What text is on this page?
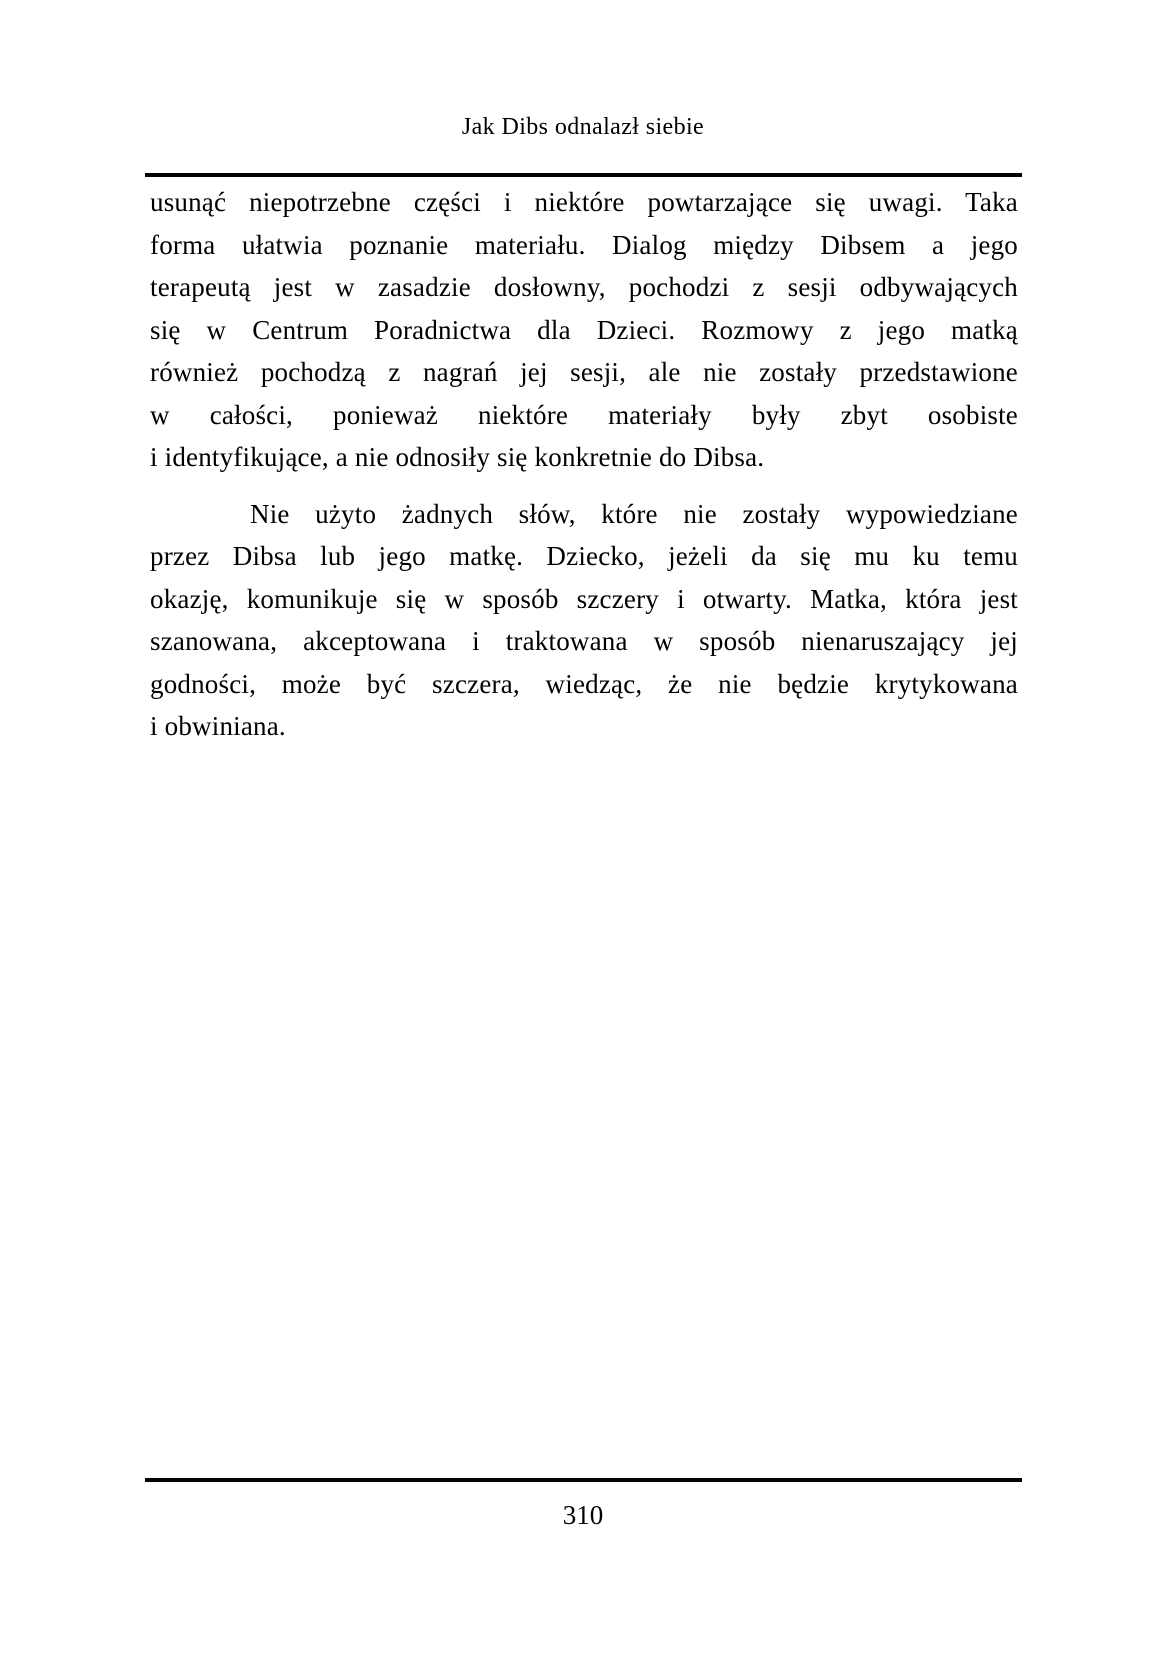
Jak Dibs odnalazł siebie
usunąć niepotrzebne części i niektóre powtarzające się uwagi. Taka
forma ułatwia poznanie materiału. Dialog między Dibsem a jego
terapeutą jest w zasadzie dosłowny, pochodzi z sesji odbywających
się w Centrum Poradnictwa dla Dzieci. Rozmowy z jego matką
również pochodzą z nagrań jej sesji, ale nie zostały przedstawione
w całości, ponieważ niektóre materiały były zbyt osobiste
i identyfikujące, a nie odnosiły się konkretnie do Dibsa.
Nie użyto żadnych słów, które nie zostały wypowiedziane
przez Dibsa lub jego matkę. Dziecko, jeżeli da się mu ku temu
okazję, komunikuje się w sposób szczery i otwarty. Matka, która jest
szanowana, akceptowana i traktowana w sposób nienaruszający jej
godności, może być szczera, wiedząc, że nie będzie krytykowana
i obwiniana.
310
